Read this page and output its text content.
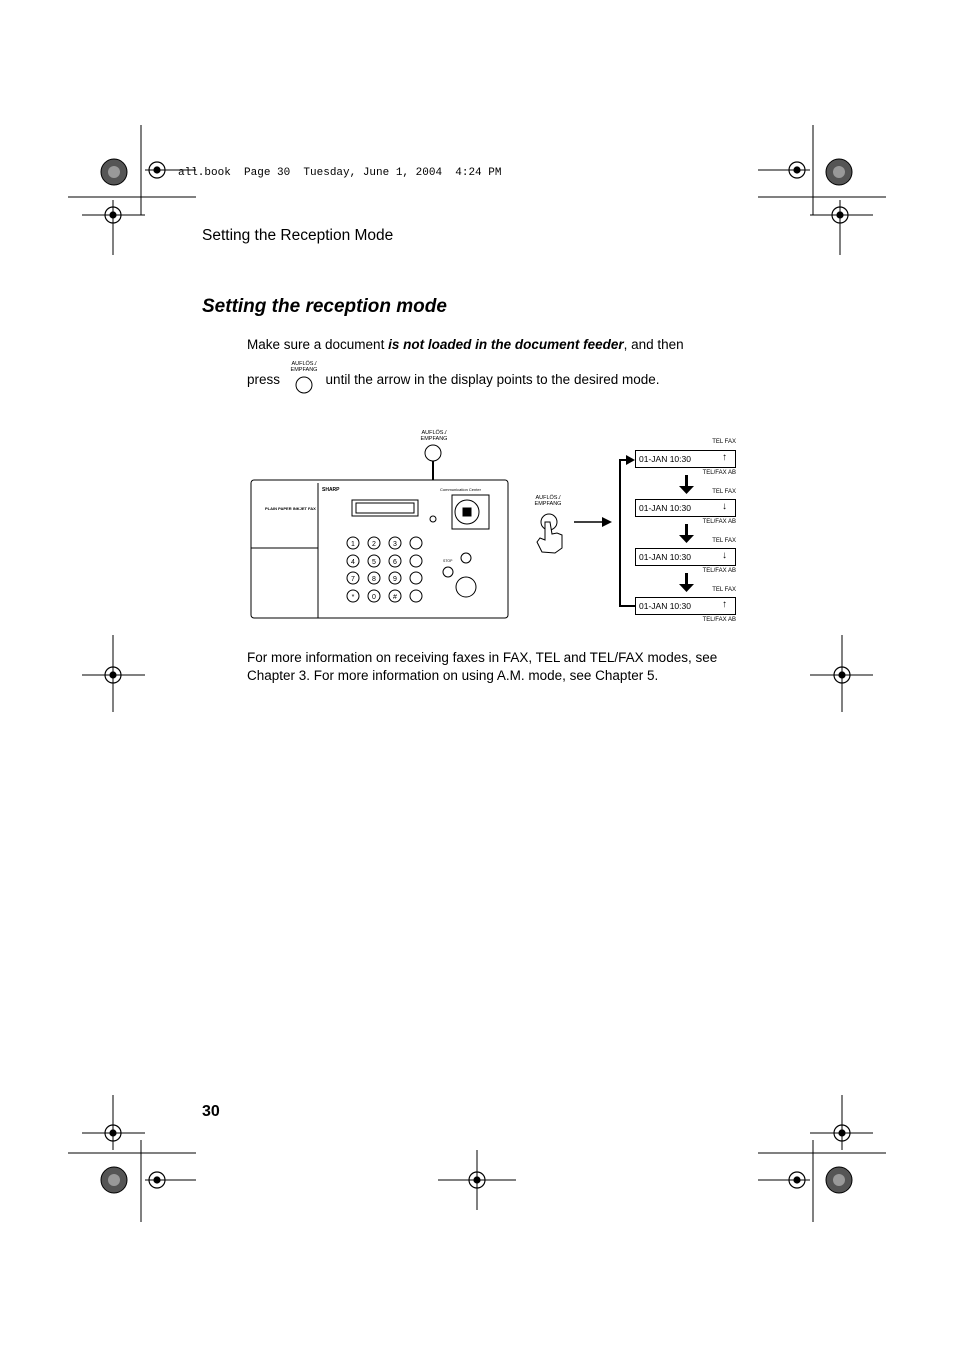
all.book  Page 30  Tuesday, June 1, 2004  4:24 PM
Setting the Reception Mode
Setting the reception mode
Make sure a document is not loaded in the document feeder, and then
AUFLÖS./
EMPFANG
press	until the arrow in the display points to the desired mode.
SHARP
PLAIN PAPER INKJET FAX
Communication Center
STOP
1 2 3
4 5 6
7 8 9
*	0 #
AUFLÖS./
EMPFANG
AUFLÖS./
EMPFANG
TEL FAX
01-JAN 10:30	↑
TEL/FAX AB
TEL FAX
01-JAN 10:30	↓
TEL/FAX AB
TEL FAX
01-JAN 10:30	↓
TEL/FAX AB
TEL FAX
01-JAN 10:30	↑
TEL/FAX AB
For more information on receiving faxes in FAX, TEL and TEL/FAX modes, see Chapter 3. For more information on using A.M. mode, see Chapter 5.
30
